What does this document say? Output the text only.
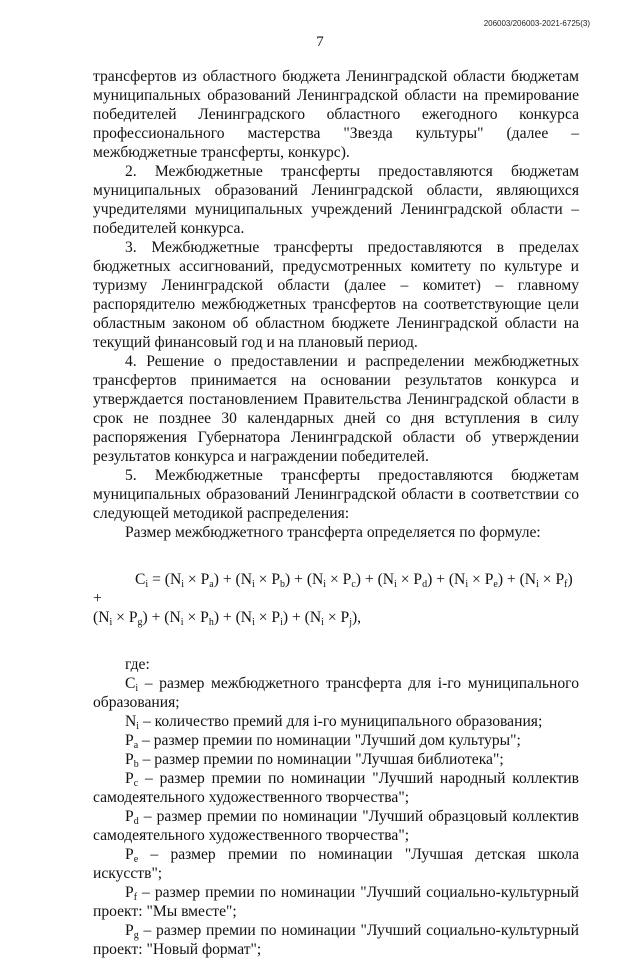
206003/206003-2021-6725(3)
7

трансфертов из областного бюджета Ленинградской области бюджетам муниципальных образований Ленинградской области на премирование победителей Ленинградского областного ежегодного конкурса профессионального мастерства "Звезда культуры" (далее – межбюджетные трансферты, конкурс).

2. Межбюджетные трансферты предоставляются бюджетам муниципальных образований Ленинградской области, являющихся учредителями муниципальных учреждений Ленинградской области – победителей конкурса.

3. Межбюджетные трансферты предоставляются в пределах бюджетных ассигнований, предусмотренных комитету по культуре и туризму Ленинградской области (далее – комитет) – главному распорядителю межбюджетных трансфертов на соответствующие цели областным законом об областном бюджете Ленинградской области на текущий финансовый год и на плановый период.

4. Решение о предоставлении и распределении межбюджетных трансфертов принимается на основании результатов конкурса и утверждается постановлением Правительства Ленинградской области в срок не позднее 30 календарных дней со дня вступления в силу распоряжения Губернатора Ленинградской области об утверждении результатов конкурса и награждении победителей.

5. Межбюджетные трансферты предоставляются бюджетам муниципальных образований Ленинградской области в соответствии со следующей методикой распределения:

Размер межбюджетного трансферта определяется по формуле:

$C_i = (N_i \times P_a) + (N_i \times P_b) + (N_i \times P_c) + (N_i \times P_d) + (N_i \times P_e) + (N_i \times P_f)$ +
$(N_i \times P_g) + (N_i \times P_h) + (N_i \times P_i) + (N_i \times P_j)$,

где:

$C_i$ – размер межбюджетного трансферта для i-го муниципального образования;

$N_i$ – количество премий для i-го муниципального образования;

$P_a$ – размер премии по номинации "Лучший дом культуры";

$P_b$ – размер премии по номинации "Лучшая библиотека";

$P_c$ – размер премии по номинации "Лучший народный коллектив самодеятельного художественного творчества";

$P_d$ – размер премии по номинации "Лучший образцовый коллектив самодеятельного художественного творчества";

$P_e$ – размер премии по номинации "Лучшая детская школа искусств";

$P_f$ – размер премии по номинации "Лучший социально-культурный проект: "Мы вместе";

$P_g$ – размер премии по номинации "Лучший социально-культурный проект: "Новый формат";
